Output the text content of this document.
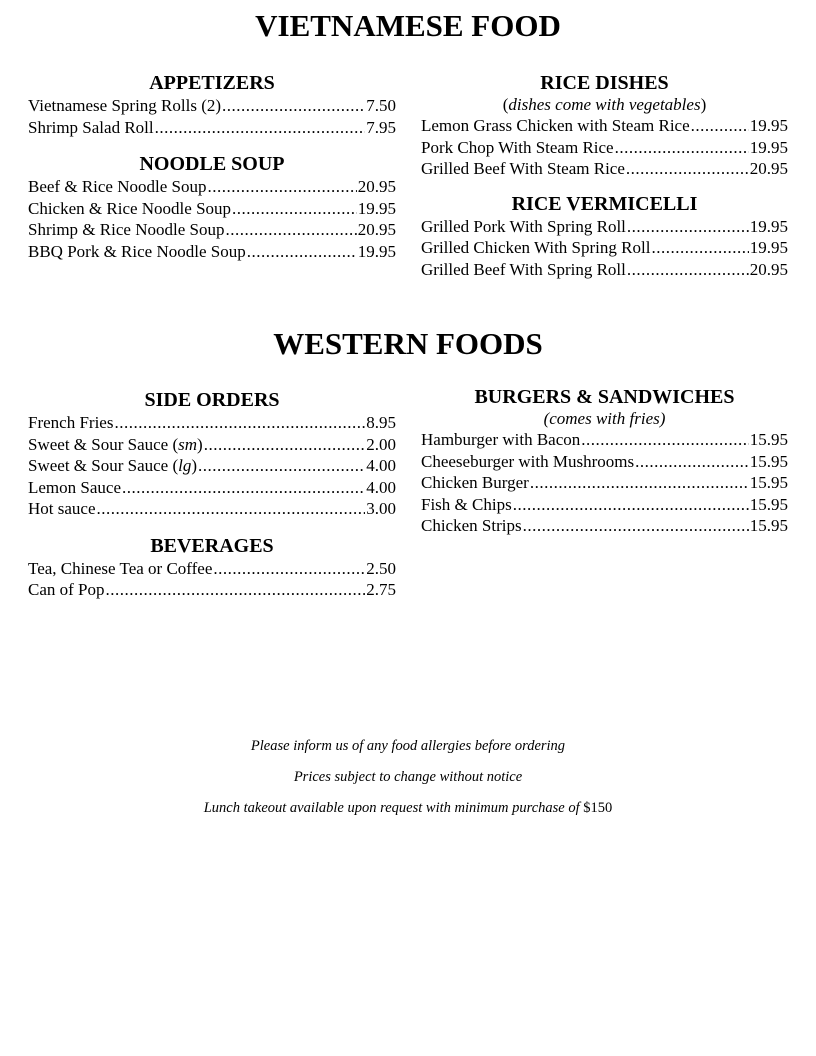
VIETNAMESE FOOD
APPETIZERS
Vietnamese Spring Rolls (2) .....	7.50
Shrimp Salad Roll .....	7.95
NOODLE SOUP
Beef & Rice Noodle Soup .....	20.95
Chicken & Rice Noodle Soup .....	19.95
Shrimp & Rice Noodle Soup .....	20.95
BBQ Pork & Rice Noodle Soup .....	19.95
RICE DISHES
(dishes come with vegetables)
Lemon Grass Chicken with Steam Rice .....	19.95
Pork Chop With Steam Rice .....	19.95
Grilled Beef With Steam Rice .....	20.95
RICE VERMICELLI
Grilled Pork With Spring Roll .....	19.95
Grilled Chicken With Spring Roll .....	19.95
Grilled Beef With Spring Roll .....	20.95
WESTERN FOODS
SIDE ORDERS
French Fries .....	8.95
Sweet & Sour Sauce (sm) .....	2.00
Sweet & Sour Sauce (lg) .....	4.00
Lemon Sauce .....	4.00
Hot sauce .....	3.00
BEVERAGES
Tea, Chinese Tea or Coffee .....	2.50
Can of Pop .....	2.75
BURGERS & SANDWICHES
(comes with fries)
Hamburger with Bacon .....	15.95
Cheeseburger with Mushrooms .....	15.95
Chicken Burger .....	15.95
Fish & Chips .....	15.95
Chicken Strips .....	15.95
Please inform us of any food allergies before ordering
Prices subject to change without notice
Lunch takeout available upon request with minimum purchase of $150
